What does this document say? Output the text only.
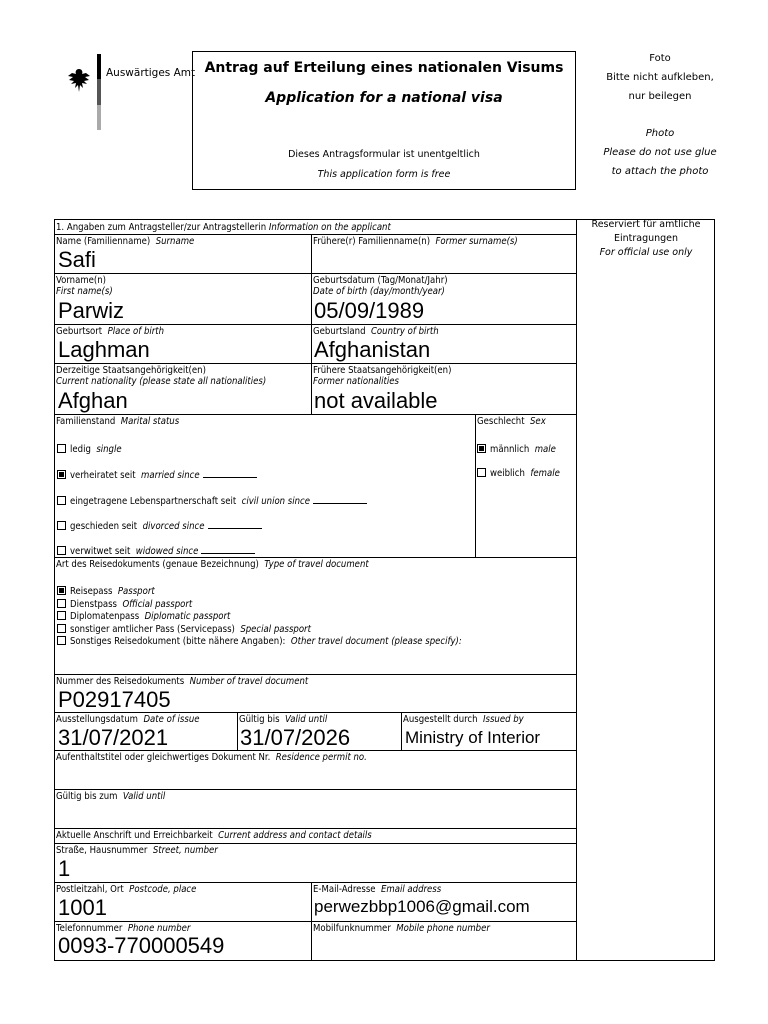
Auswärtiges Amt Antrag auf Erteilung eines nationalen Visums
Application for a national visa
Dieses Antragsformular ist unentgeltlich
This application form is free
Foto
Bitte nicht aufkleben,
nur beilegen
Photo
Please do not use glue
to attach the photo
Reserviert für amtliche
Eintragungen
For official use only
1. Angaben zum Antragsteller/zur Antragstellerin Information on the applicant
Name (Familienname) Surname
Safi
Frühere(r) Familienname(n) Former surname(s)
Vorname(n)
First name(s)
Parwiz
Geburtsdatum (Tag/Monat/Jahr)
Date of birth (day/month/year)
05/09/1989
Geburtsort Place of birth
Laghman
Geburtsland Country of birth
Afghanistan
Derzeitige Staatsangehörigkeit(en)
Current nationality (please state all nationalities)
Afghan
Frühere Staatsangehörigkeit(en)
Former nationalities
not available
Familienstand Marital status
ledig single
verheiratet seit married since
eingetragene Lebenspartnerschaft seit civil union since
geschieden seit divorced since
verwitwet seit widowed since
Geschlecht Sex
männlich male
weiblich female
Art des Reisedokuments (genaue Bezeichnung) Type of travel document
Reisepass Passport
Dienstpass Official passport
Diplomatenpass Diplomatic passport
sonstiger amtlicher Pass (Servicepass) Special passport
Sonstiges Reisedokument (bitte nähere Angaben): Other travel document (please specify):
Nummer des Reisedokuments Number of travel document
P02917405
Ausstellungsdatum Date of issue
31/07/2021
Gültig bis Valid until
31/07/2026
Ausgestellt durch Issued by
Ministry of Interior
Aufenthaltstitel oder gleichwertiges Dokument Nr. Residence permit no.
Gültig bis zum Valid until
Aktuelle Anschrift und Erreichbarkeit Current address and contact details
Straße, Hausnummer Street, number
1
Postleitzahl, Ort Postcode, place
1001
E-Mail-Adresse Email address
perwezbbp1006@gmail.com
Telefonnummer Phone number
0093-770000549
Mobilfunknummer Mobile phone number
